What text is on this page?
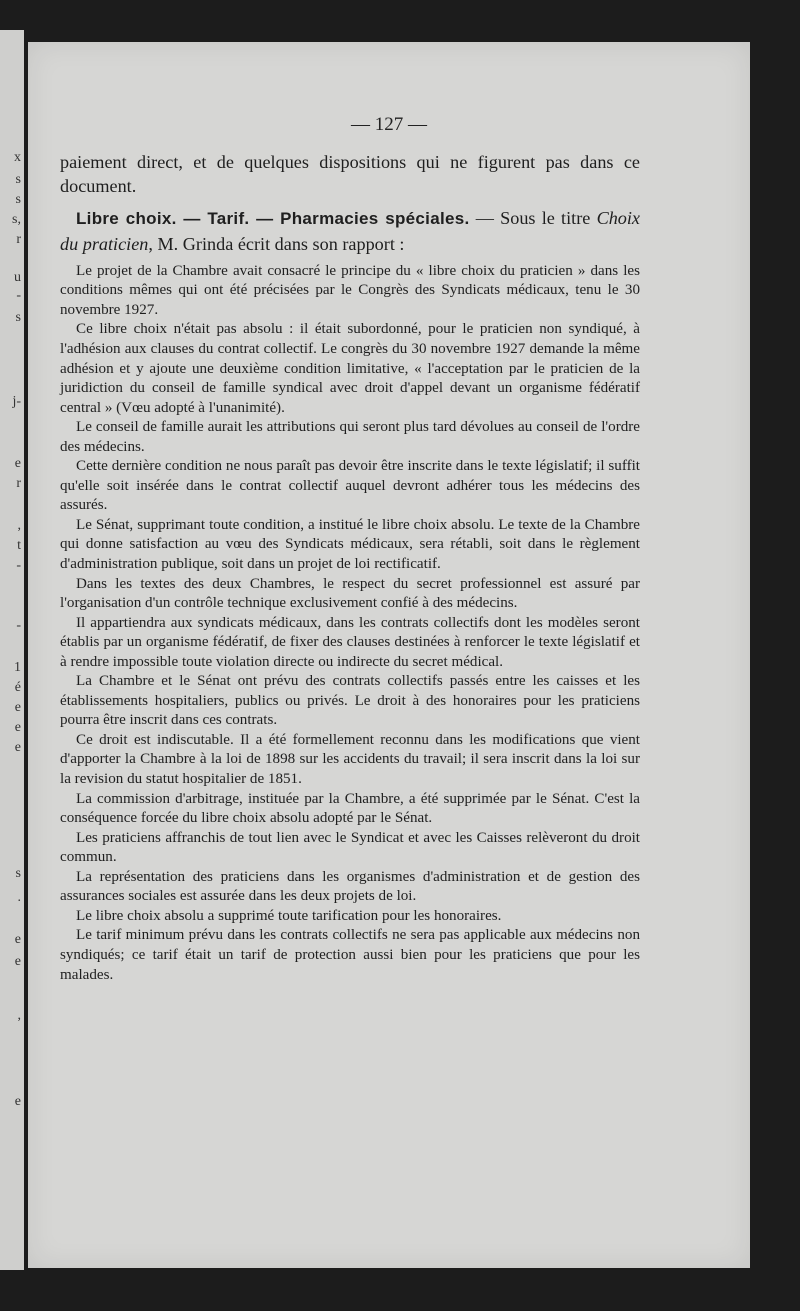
x
s
s
s,
r
u
-
s
j-
e
r
,
t
-
-
1
é
e
e
e
s
.
e
e
,
e
— 127 —

paiement direct, et de quelques dispositions qui ne figurent pas dans ce document.

Libre choix. — Tarif. — Pharmacies spéciales. — Sous le titre Choix du praticien, M. Grinda écrit dans son rapport :

Le projet de la Chambre avait consacré le principe du « libre choix du praticien » dans les conditions mêmes qui ont été précisées par le Congrès des Syndicats médicaux, tenu le 30 novembre 1927.

Ce libre choix n'était pas absolu : il était subordonné, pour le praticien non syndiqué, à l'adhésion aux clauses du contrat collectif. Le congrès du 30 novembre 1927 demande la même adhésion et y ajoute une deuxième condition limitative, « l'acceptation par le praticien de la juridiction du conseil de famille syndical avec droit d'appel devant un organisme fédératif central » (Vœu adopté à l'unanimité).

Le conseil de famille aurait les attributions qui seront plus tard dévolues au conseil de l'ordre des médecins.

Cette dernière condition ne nous paraît pas devoir être inscrite dans le texte législatif; il suffit qu'elle soit insérée dans le contrat collectif auquel devront adhérer tous les médecins des assurés.

Le Sénat, supprimant toute condition, a institué le libre choix absolu. Le texte de la Chambre qui donne satisfaction au vœu des Syndicats médicaux, sera rétabli, soit dans le règlement d'administration publique, soit dans un projet de loi rectificatif.

Dans les textes des deux Chambres, le respect du secret professionnel est assuré par l'organisation d'un contrôle technique exclusivement confié à des médecins.

Il appartiendra aux syndicats médicaux, dans les contrats collectifs dont les modèles seront établis par un organisme fédératif, de fixer des clauses destinées à renforcer le texte législatif et à rendre impossible toute violation directe ou indirecte du secret médical.

La Chambre et le Sénat ont prévu des contrats collectifs passés entre les caisses et les établissements hospitaliers, publics ou privés. Le droit à des honoraires pour les praticiens pourra être inscrit dans ces contrats.

Ce droit est indiscutable. Il a été formellement reconnu dans les modifications que vient d'apporter la Chambre à la loi de 1898 sur les accidents du travail; il sera inscrit dans la loi sur la revision du statut hospitalier de 1851.

La commission d'arbitrage, instituée par la Chambre, a été supprimée par le Sénat. C'est la conséquence forcée du libre choix absolu adopté par le Sénat.

Les praticiens affranchis de tout lien avec le Syndicat et avec les Caisses relèveront du droit commun.

La représentation des praticiens dans les organismes d'administration et de gestion des assurances sociales est assurée dans les deux projets de loi.

Le libre choix absolu a supprimé toute tarification pour les honoraires.

Le tarif minimum prévu dans les contrats collectifs ne sera pas applicable aux médecins non syndiqués; ce tarif était un tarif de protection aussi bien pour les praticiens que pour les malades.
